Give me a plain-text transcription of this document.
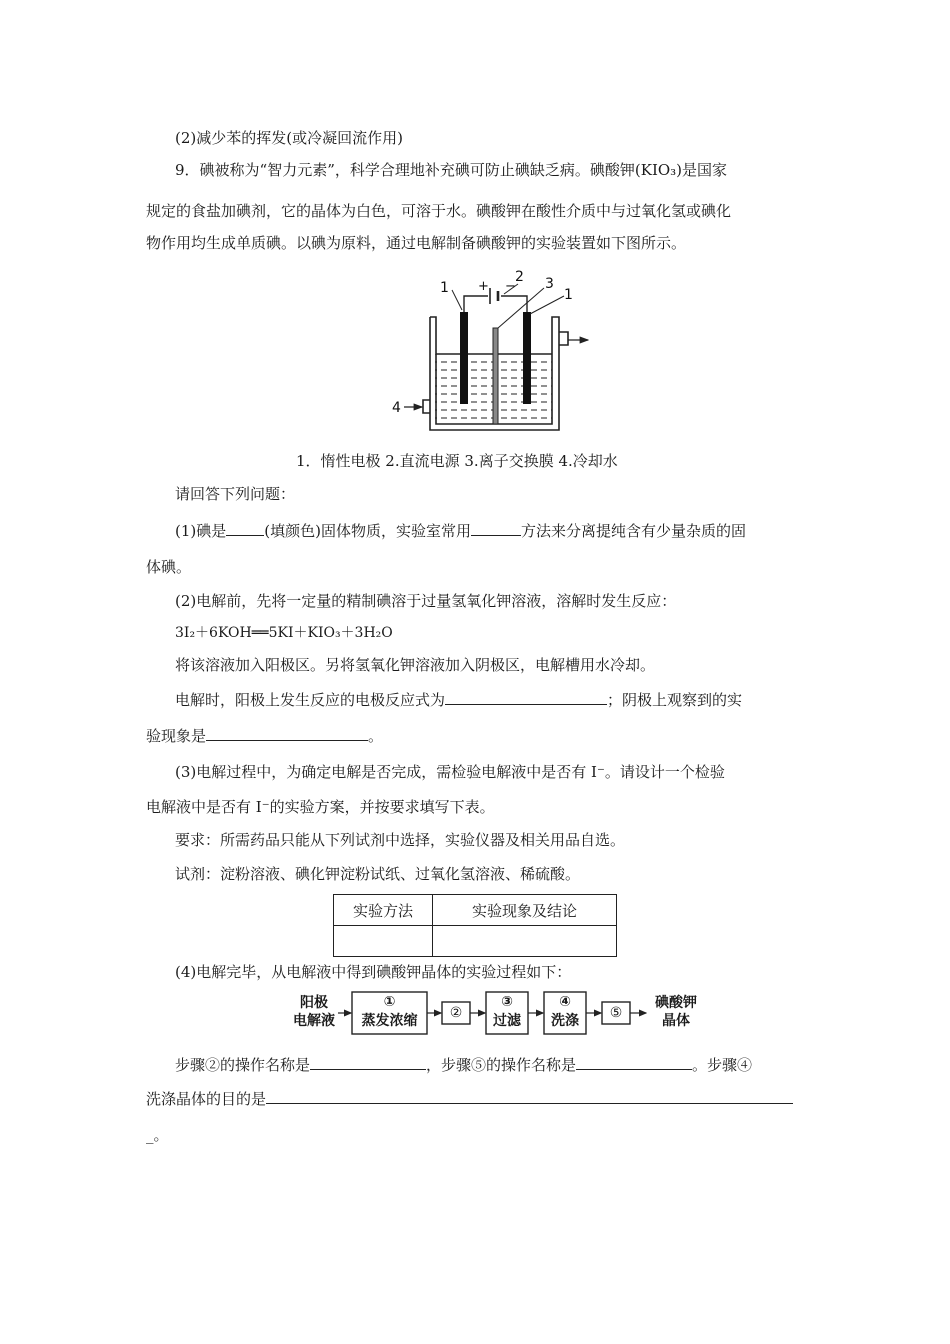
(2)减少苯的挥发(或冷凝回流作用)
9．碘被称为“智力元素”，科学合理地补充碘可防止碘缺乏病。碘酸钾(KIO₃)是国家
规定的食盐加碘剂，它的晶体为白色，可溶于水。碘酸钾在酸性介质中与过氧化氢或碘化
物作用均生成单质碘。以碘为原料，通过电解制备碘酸钾的实验装置如下图所示。
1 + −
2 3
1
4
1．惰性电极 2.直流电源 3.离子交换膜 4.冷却水
请回答下列问题：
(1)碘是	(填颜色)固体物质，实验室常用	方法来分离提纯含有少量杂质的固
体碘。
(2)电解前，先将一定量的精制碘溶于过量氢氧化钾溶液，溶解时发生反应：
3I₂＋6KOH══5KI＋KIO₃＋3H₂O
将该溶液加入阳极区。另将氢氧化钾溶液加入阴极区，电解槽用水冷却。
电解时，阳极上发生反应的电极反应式为	；阴极上观察到的实
验现象是	。
(3)电解过程中，为确定电解是否完成，需检验电解液中是否有 I⁻。请设计一个检验
电解液中是否有 I⁻的实验方案，并按要求填写下表。
要求：所需药品只能从下列试剂中选择，实验仪器及相关用品自选。
试剂：淀粉溶液、碘化钾淀粉试纸、过氧化氢溶液、稀硫酸。
实验方法	实验现象及结论

(4)电解完毕，从电解液中得到碘酸钾晶体的实验过程如下：
阳极
电解液
①
蒸发浓缩	②
③
过滤
④
洗涤	⑤
碘酸钾
晶体
步骤②的操作名称是	，步骤⑤的操作名称是	。步骤④
洗涤晶体的目的是
_。
